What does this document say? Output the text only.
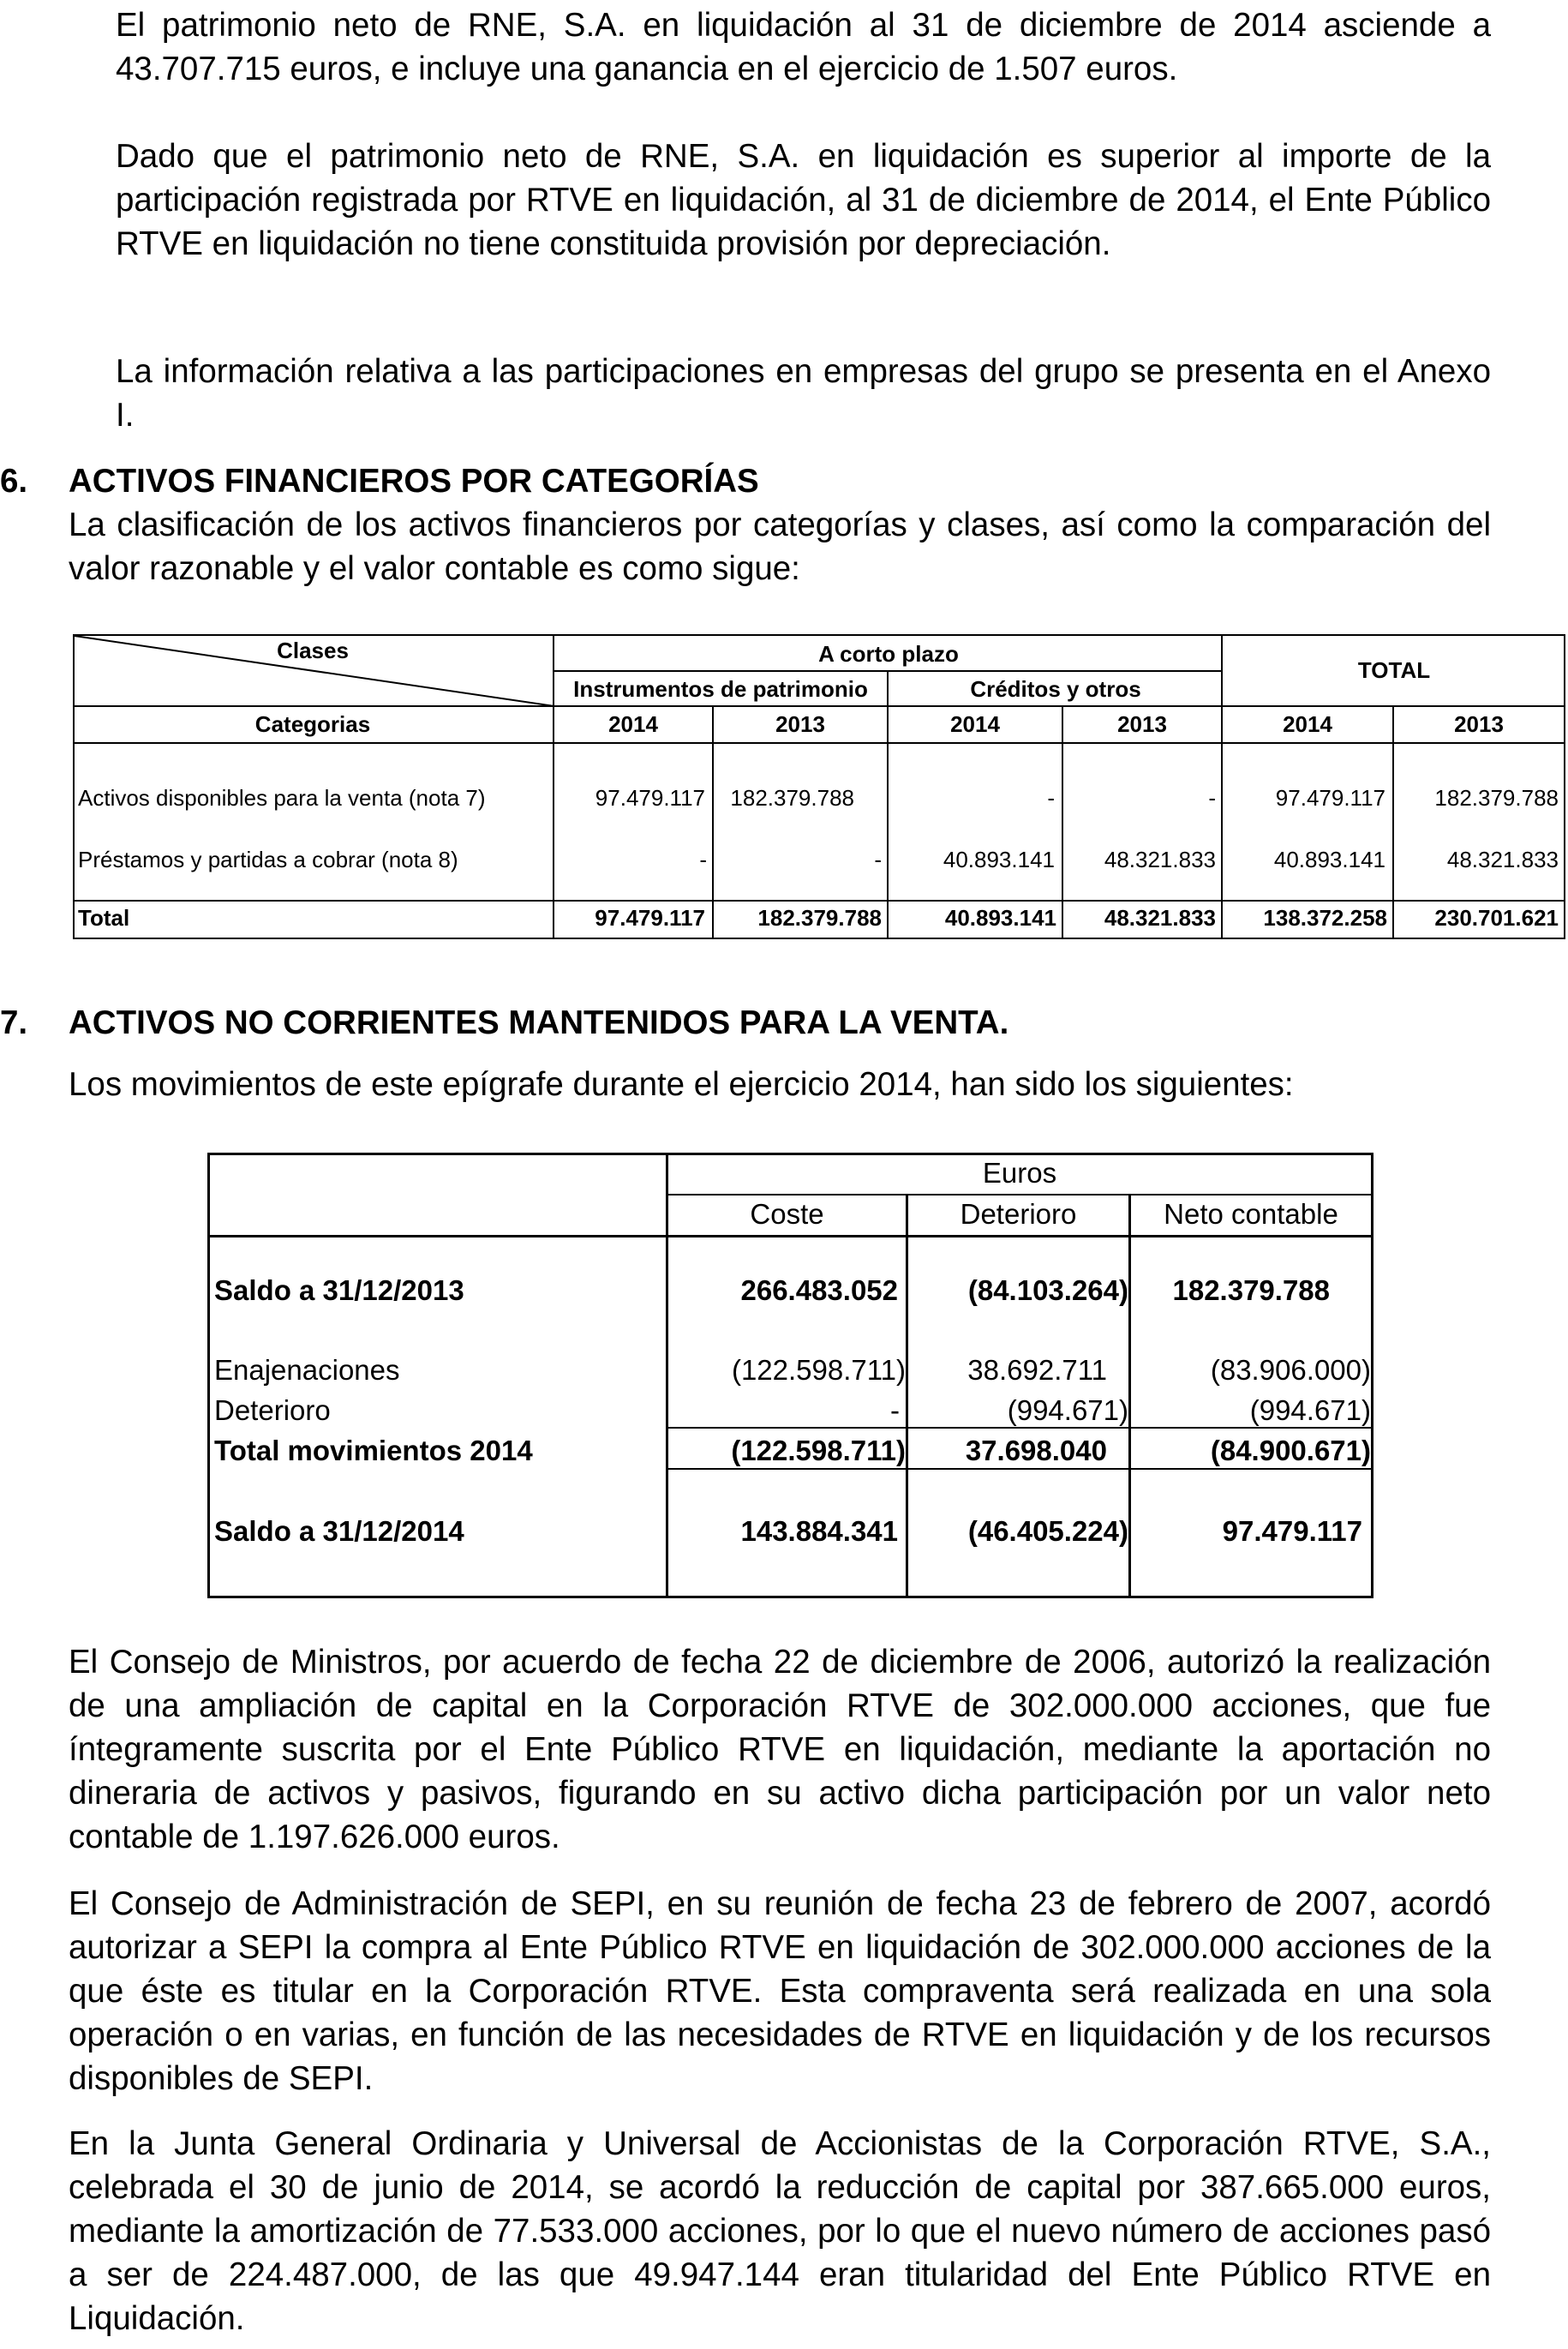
El patrimonio neto de RNE, S.A. en liquidación al 31 de diciembre de 2014 asciende a 43.707.715 euros, e incluye una ganancia en el ejercicio de 1.507 euros.

Dado que el patrimonio neto de RNE, S.A. en liquidación es superior al importe de la participación registrada por RTVE en liquidación, al 31 de diciembre de 2014, el Ente Público RTVE en liquidación no tiene constituida provisión por depreciación.

La información relativa a las participaciones en empresas del grupo se presenta en el Anexo I.

6. ACTIVOS FINANCIEROS POR CATEGORÍAS

La clasificación de los activos financieros por categorías y clases, así como la comparación del valor razonable y el valor contable es como sigue:

Clases	A corto plazo
Instrumentos de patrimonio	Créditos y otros
TOTAL
Categorias	2014	2013	2014	2013	2014	2013
Activos disponibles para la venta (nota 7)	97.479.117	182.379.788	-	-	97.479.117	182.379.788
Préstamos y partidas a cobrar (nota 8)	-	-	40.893.141	48.321.833	40.893.141	48.321.833
Total	97.479.117	182.379.788	40.893.141	48.321.833	138.372.258	230.701.621
7. ACTIVOS NO CORRIENTES MANTENIDOS PARA LA VENTA.

Los movimientos de este epígrafe durante el ejercicio 2014, han sido los siguientes:

Euros
Coste	Deterioro	Neto contable
Saldo a 31/12/2013	266.483.052	(84.103.264)	182.379.788
Enajenaciones	(122.598.711)	38.692.711	(83.906.000)
Deterioro	-	(994.671)	(994.671)
Total movimientos 2014	(122.598.711)	37.698.040	(84.900.671)
Saldo a 31/12/2014	143.884.341	(46.405.224)	97.479.117

El Consejo de Ministros, por acuerdo de fecha 22 de diciembre de 2006, autorizó la realización de una ampliación de capital en la Corporación RTVE de 302.000.000 acciones, que fue íntegramente suscrita por el Ente Público RTVE en liquidación, mediante la aportación no dineraria de activos y pasivos, figurando en su activo dicha participación por un valor neto contable de 1.197.626.000 euros.

El Consejo de Administración de SEPI, en su reunión de fecha 23 de febrero de 2007, acordó autorizar a SEPI la compra al Ente Público RTVE en liquidación de 302.000.000 acciones de la que éste es titular en la Corporación RTVE. Esta compraventa será realizada en una sola operación o en varias, en función de las necesidades de RTVE en liquidación y de los recursos disponibles de SEPI.

En la Junta General Ordinaria y Universal de Accionistas de la Corporación RTVE, S.A., celebrada el 30 de junio de 2014, se acordó la reducción de capital por 387.665.000 euros, mediante la amortización de 77.533.000 acciones, por lo que el nuevo número de acciones pasó a ser de 224.487.000, de las que 49.947.144 eran titularidad del Ente Público RTVE en Liquidación.
